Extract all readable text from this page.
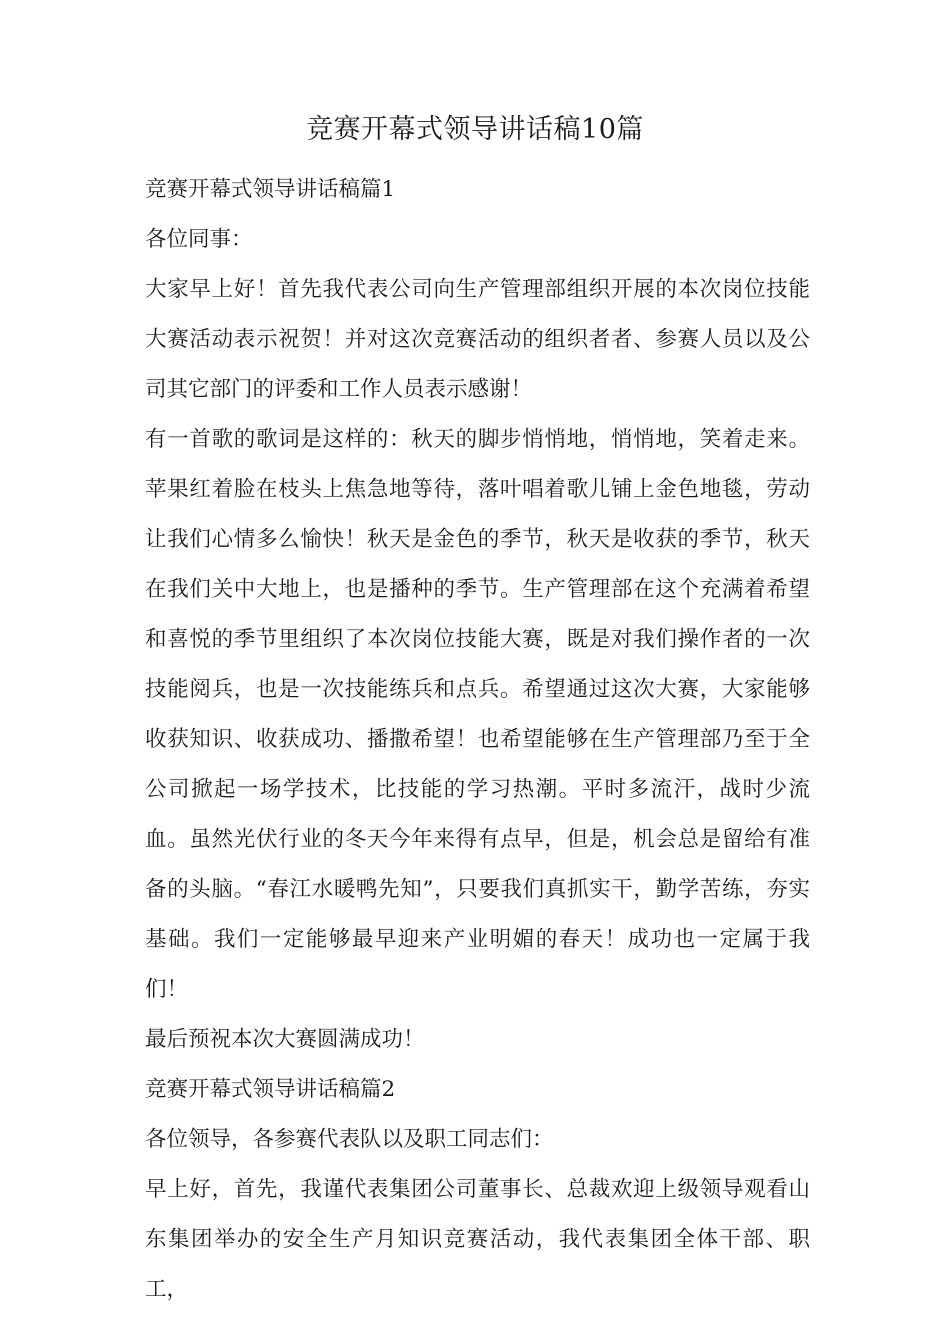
竞赛开幕式领导讲话稿10篇

竞赛开幕式领导讲话稿篇1

各位同事：

大家早上好！首先我代表公司向生产管理部组织开展的本次岗位技能大赛活动表示祝贺！并对这次竞赛活动的组织者者、参赛人员以及公司其它部门的评委和工作人员表示感谢！

有一首歌的歌词是这样的：秋天的脚步悄悄地，悄悄地，笑着走来。苹果红着脸在枝头上焦急地等待，落叶唱着歌儿铺上金色地毯，劳动让我们心情多么愉快！秋天是金色的季节，秋天是收获的季节，秋天在我们关中大地上，也是播种的季节。生产管理部在这个充满着希望和喜悦的季节里组织了本次岗位技能大赛，既是对我们操作者的一次技能阅兵，也是一次技能练兵和点兵。希望通过这次大赛，大家能够收获知识、收获成功、播撒希望！也希望能够在生产管理部乃至于全公司掀起一场学技术，比技能的学习热潮。平时多流汗，战时少流血。虽然光伏行业的冬天今年来得有点早，但是，机会总是留给有准备的头脑。“春江水暖鸭先知”，只要我们真抓实干，勤学苦练，夯实基础。我们一定能够最早迎来产业明媚的春天！成功也一定属于我们！

最后预祝本次大赛圆满成功！

竞赛开幕式领导讲话稿篇2

各位领导，各参赛代表队以及职工同志们：

早上好，首先，我谨代表集团公司董事长、总裁欢迎上级领导观看山东集团举办的安全生产月知识竞赛活动，我代表集团全体干部、职工，
